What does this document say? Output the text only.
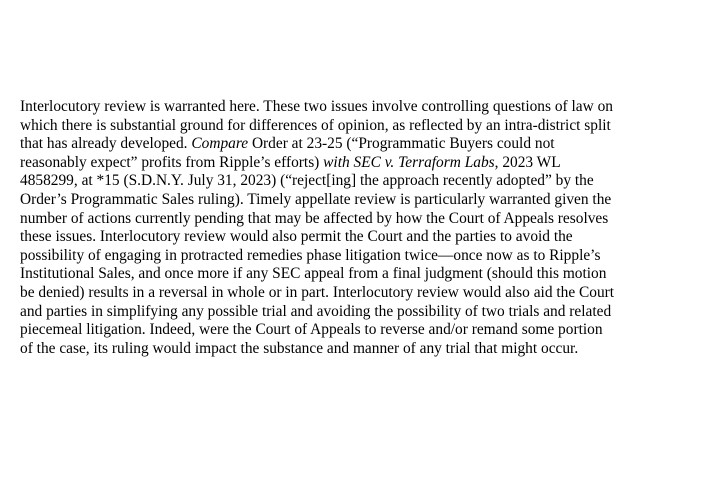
Interlocutory review is warranted here. These two issues involve controlling questions of law on
which there is substantial ground for differences of opinion, as reflected by an intra-district split
that has already developed. Compare Order at 23-25 (“Programmatic Buyers could not
reasonably expect” profits from Ripple’s efforts) with SEC v. Terraform Labs, 2023 WL
4858299, at *15 (S.D.N.Y. July 31, 2023) (“reject[ing] the approach recently adopted” by the
Order’s Programmatic Sales ruling). Timely appellate review is particularly warranted given the
number of actions currently pending that may be affected by how the Court of Appeals resolves
these issues. Interlocutory review would also permit the Court and the parties to avoid the
possibility of engaging in protracted remedies phase litigation twice—once now as to Ripple’s
Institutional Sales, and once more if any SEC appeal from a final judgment (should this motion
be denied) results in a reversal in whole or in part. Interlocutory review would also aid the Court
and parties in simplifying any possible trial and avoiding the possibility of two trials and related
piecemeal litigation. Indeed, were the Court of Appeals to reverse and/or remand some portion
of the case, its ruling would impact the substance and manner of any trial that might occur.
